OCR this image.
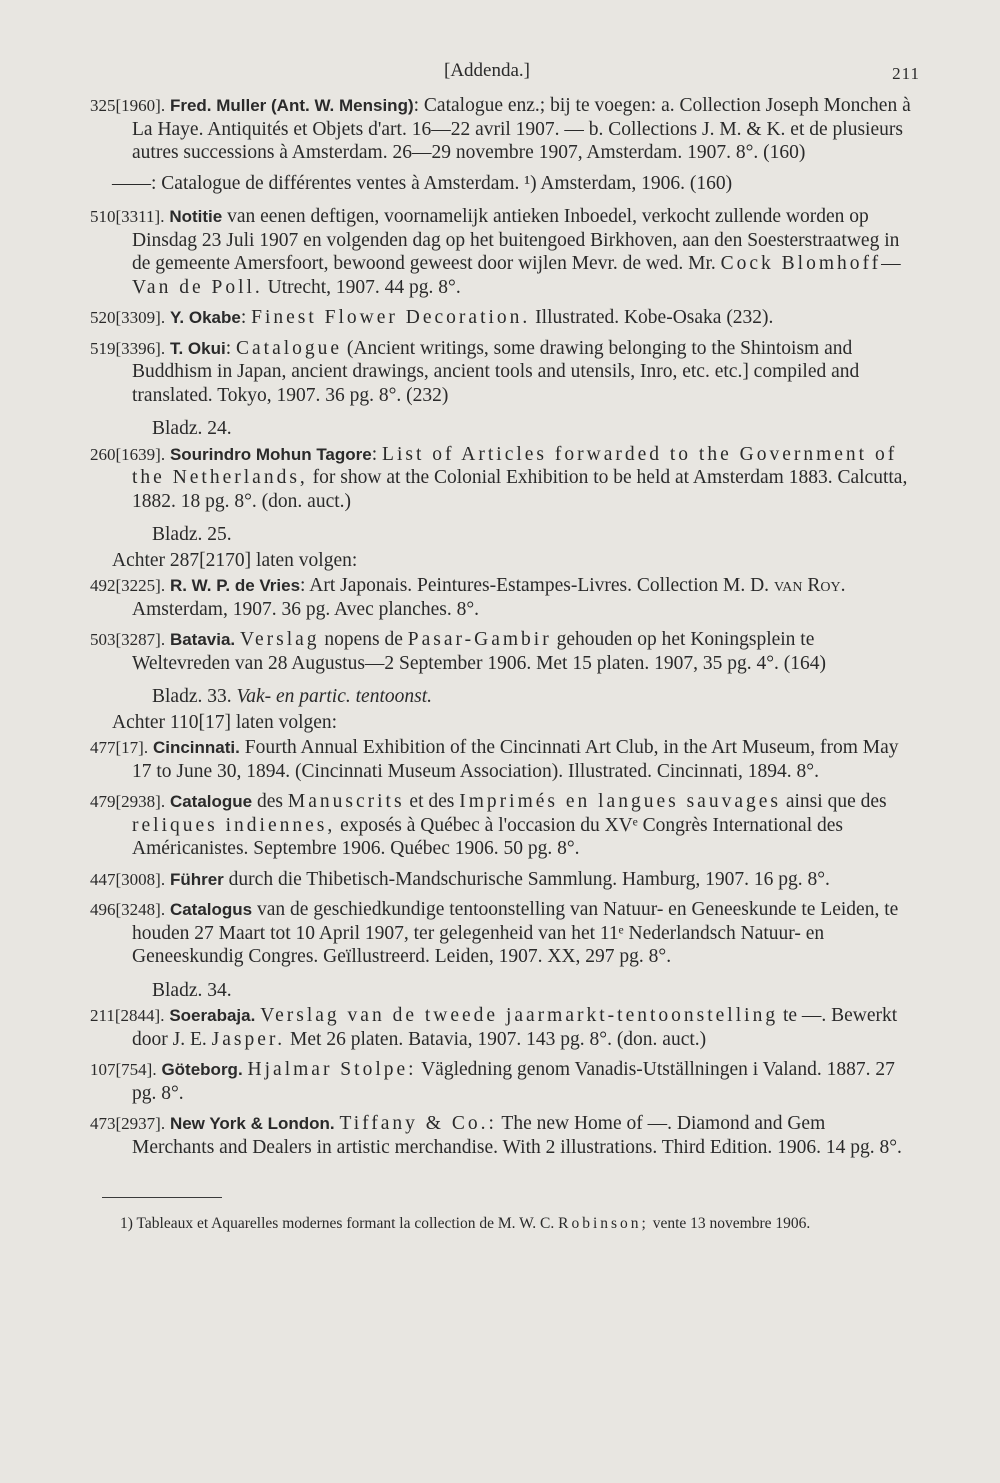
[Addenda.]	211

325[1960]. Fred. Muller (Ant. W. Mensing): Catalogue enz.; bij te voegen: a. Collection Joseph Monchen à La Haye. Antiquités et Objets d'art. 16—22 avril 1907. — b. Collections J. M. & K. et de plusieurs autres successions à Amsterdam. 26—29 novembre 1907, Amsterdam. 1907. 8°. (160)

——: Catalogue de différentes ventes à Amsterdam. ¹) Amsterdam, 1906. (160)

510[3311]. Notitie van eenen deftigen, voornamelijk antieken Inboedel, verkocht zullende worden op Dinsdag 23 Juli 1907 en volgenden dag op het buitengoed Birkhoven, aan den Soesterstraatweg in de gemeente Amersfoort, bewoond geweest door wijlen Mevr. de wed. Mr. Cock Blomhoff—Van de Poll. Utrecht, 1907. 44 pg. 8°.

520[3309]. Y. Okabe: Finest Flower Decoration. Illustrated. Kobe-Osaka (232).

519[3396]. T. Okui: Catalogue (Ancient writings, some drawing belonging to the Shintoism and Buddhism in Japan, ancient drawings, ancient tools and utensils, Inro, etc. etc.] compiled and translated. Tokyo, 1907. 36 pg. 8°. (232)

Bladz. 24.

260[1639]. Sourindro Mohun Tagore: List of Articles forwarded to the Government of the Netherlands, for show at the Colonial Exhibition to be held at Amsterdam 1883. Calcutta, 1882. 18 pg. 8°. (don. auct.)

Bladz. 25.

Achter 287[2170] laten volgen:

492[3225]. R. W. P. de Vries: Art Japonais. Peintures-Estampes-Livres. Collection M. D. van Roy. Amsterdam, 1907. 36 pg. Avec planches. 8°.

503[3287]. Batavia. Verslag nopens de Pasar-Gambir gehouden op het Koningsplein te Weltevreden van 28 Augustus—2 September 1906. Met 15 platen. 1907, 35 pg. 4°. (164)

Bladz. 33. Vak- en partic. tentoonst.

Achter 110[17] laten volgen:

477[17]. Cincinnati. Fourth Annual Exhibition of the Cincinnati Art Club, in the Art Museum, from May 17 to June 30, 1894. (Cincinnati Museum Association). Illustrated. Cincinnati, 1894. 8°.

479[2938]. Catalogue des Manuscrits et des Imprimés en langues sauvages ainsi que des reliques indiennes, exposés à Québec à l'occasion du XVᵉ Congrès International des Américanistes. Septembre 1906. Québec 1906. 50 pg. 8°.

447[3008]. Führer durch die Thibetisch-Mandschurische Sammlung. Hamburg, 1907. 16 pg. 8°.

496[3248]. Catalogus van de geschiedkundige tentoonstelling van Natuur- en Geneeskunde te Leiden, te houden 27 Maart tot 10 April 1907, ter gelegenheid van het 11ᵉ Nederlandsch Natuur- en Geneeskundig Congres. Geïllustreerd. Leiden, 1907. XX, 297 pg. 8°.

Bladz. 34.

211[2844]. Soerabaja. Verslag van de tweede jaarmarkt-tentoonstelling te —. Bewerkt door J. E. Jasper. Met 26 platen. Batavia, 1907. 143 pg. 8°. (don. auct.)

107[754]. Göteborg. Hjalmar Stolpe: Vägledning genom Vanadis-Utställningen i Valand. 1887. 27 pg. 8°.

473[2937]. New York & London. Tiffany & Co.: The new Home of —. Diamond and Gem Merchants and Dealers in artistic merchandise. With 2 illustrations. Third Edition. 1906. 14 pg. 8°.

1) Tableaux et Aquarelles modernes formant la collection de M. W. C. Robinson; vente 13 novembre 1906.
